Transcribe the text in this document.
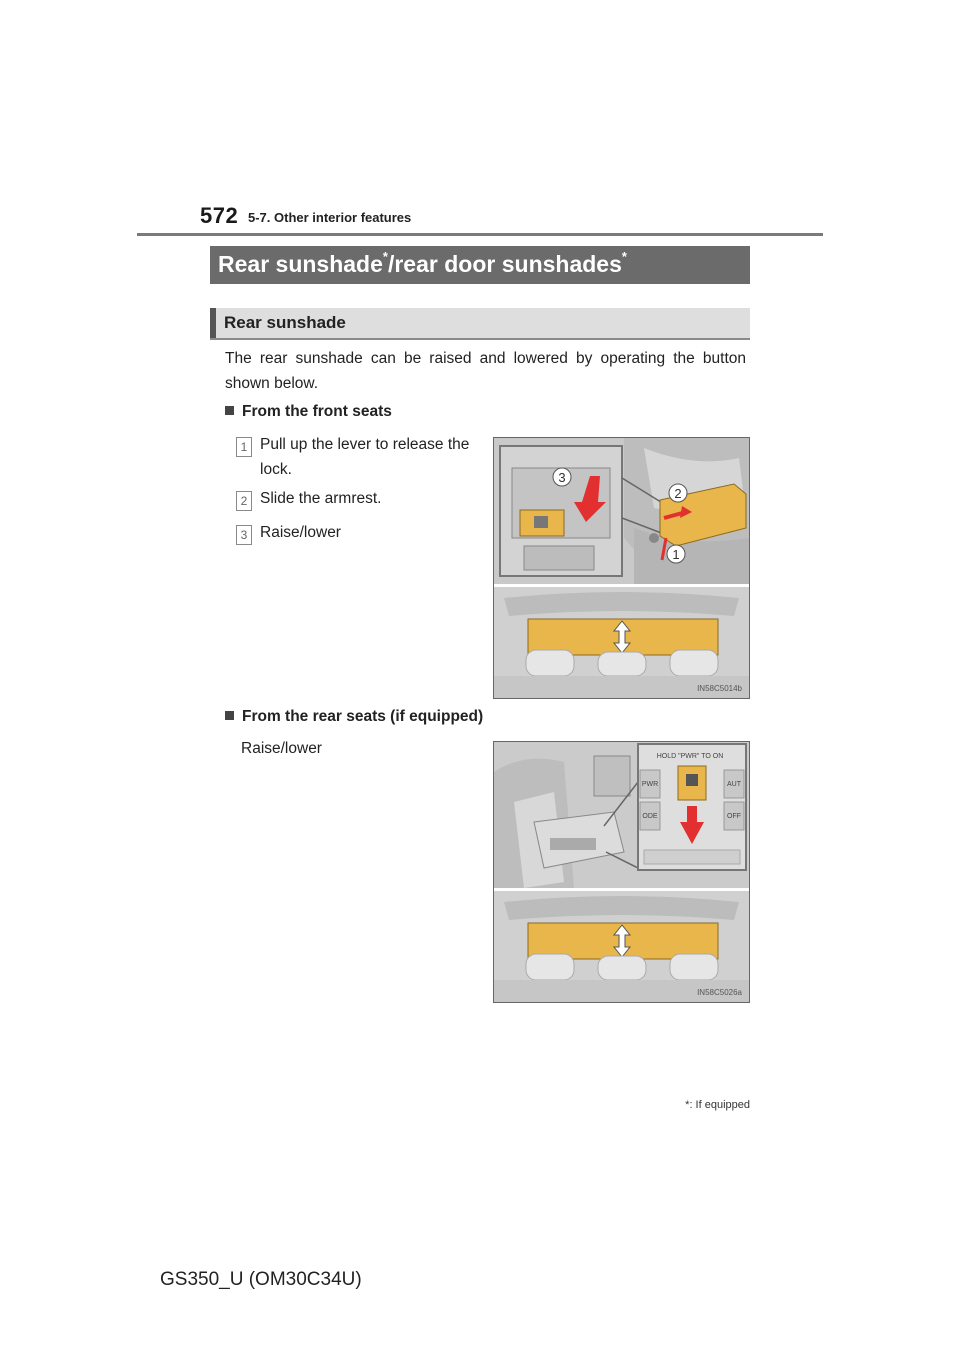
572 5-7. Other interior features
Rear sunshade*/rear door sunshades*
Rear sunshade
The rear sunshade can be raised and lowered by operating the button shown below.
From the front seats
1 Pull up the lever to release the lock.
2 Slide the armrest.
3 Raise/lower
3
2
1
IN58C5014b
From the rear seats (if equipped)
Raise/lower	HOLD "PWR" TO ON
PWR
ODE
AUT
OFF
IN58C5026a
*: If equipped
GS350_U (OM30C34U)
